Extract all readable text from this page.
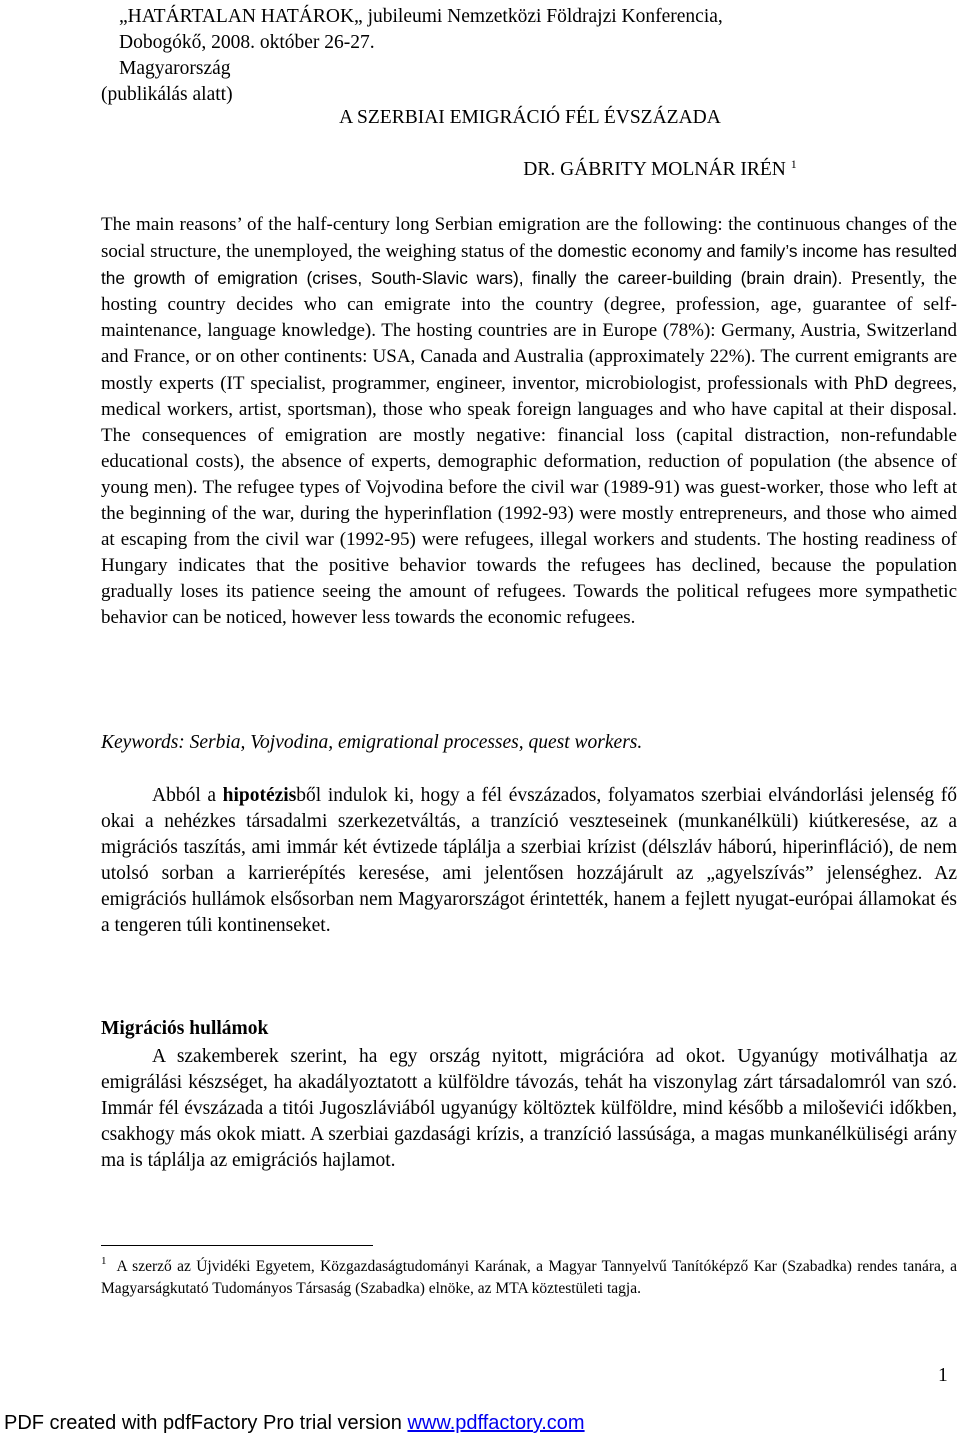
„HATÁRTALAN HATÁROK„ jubileumi Nemzetközi Földrajzi Konferencia,
Dobogókő, 2008. október 26-27.
Magyarország
(publikálás alatt)
A SZERBIAI EMIGRÁCIÓ FÉL ÉVSZÁZADA
DR. GÁBRITY MOLNÁR IRÉN $^1$
The main reasons’ of the half-century long Serbian emigration are the following: the continuous changes of the social structure, the unemployed, the weighing status of the domestic economy and family’s income has resulted the growth of emigration (crises, South-Slavic wars), finally the career-building (brain drain). Presently, the hosting country decides who can emigrate into the country (degree, profession, age, guarantee of self-maintenance, language knowledge). The hosting countries are in Europe (78%): Germany, Austria, Switzerland and France, or on other continents: USA, Canada and Australia (approximately 22%). The current emigrants are mostly experts (IT specialist, programmer, engineer, inventor, microbiologist, professionals with PhD degrees, medical workers, artist, sportsman), those who speak foreign languages and who have capital at their disposal. The consequences of emigration are mostly negative: financial loss (capital distraction, non-refundable educational costs), the absence of experts, demographic deformation, reduction of population (the absence of young men). The refugee types of Vojvodina before the civil war (1989-91) was guest-worker, those who left at the beginning of the war, during the hyperinflation (1992-93) were mostly entrepreneurs, and those who aimed at escaping from the civil war (1992-95) were refugees, illegal workers and students. The hosting readiness of Hungary indicates that the positive behavior towards the refugees has declined, because the population gradually loses its patience seeing the amount of refugees. Towards the political refugees more sympathetic behavior can be noticed, however less towards the economic refugees.
Keywords: Serbia, Vojvodina, emigrational processes, quest workers.
Abból a hipotézisből indulok ki, hogy a fél évszázados, folyamatos szerbiai elvándorlási jelenség fő okai a nehézkes társadalmi szerkezetváltás, a tranzíció veszteseinek (munkanélküli) kiútkeresése, az a migrációs taszítás, ami immár két évtizede táplálja a szerbiai krízist (délszláv háború, hiperinfláció), de nem utolsó sorban a karrierépítés keresése, ami jelentősen hozzájárult az „agyelszívás” jelenséghez. Az emigrációs hullámok elsősorban nem Magyarországot érintették, hanem a fejlett nyugat-európai államokat és a tengeren túli kontinenseket.
Migrációs hullámok
A szakemberek szerint, ha egy ország nyitott, migrációra ad okot. Ugyanúgy motiválhatja az emigrálási készséget, ha akadályoztatott a külföldre távozás, tehát ha viszonylag zárt társadalomról van szó. Immár fél évszázada a titói Jugoszláviából ugyanúgy költöztek külföldre, mind később a miloševići időkben, csakhogy más okok miatt. A szerbiai gazdasági krízis, a tranzíció lassúsága, a magas munkanélküliségi arány ma is táplálja az emigrációs hajlamot.
$^1$ A szerző az Újvidéki Egyetem, Közgazdaságtudományi Karának, a Magyar Tannyelvű Tanítóképző Kar (Szabadka) rendes tanára, a Magyarságkutató Tudományos Társaság (Szabadka) elnöke, az MTA köztestületi tagja.
1
PDF created with pdfFactory Pro trial version www.pdffactory.com
